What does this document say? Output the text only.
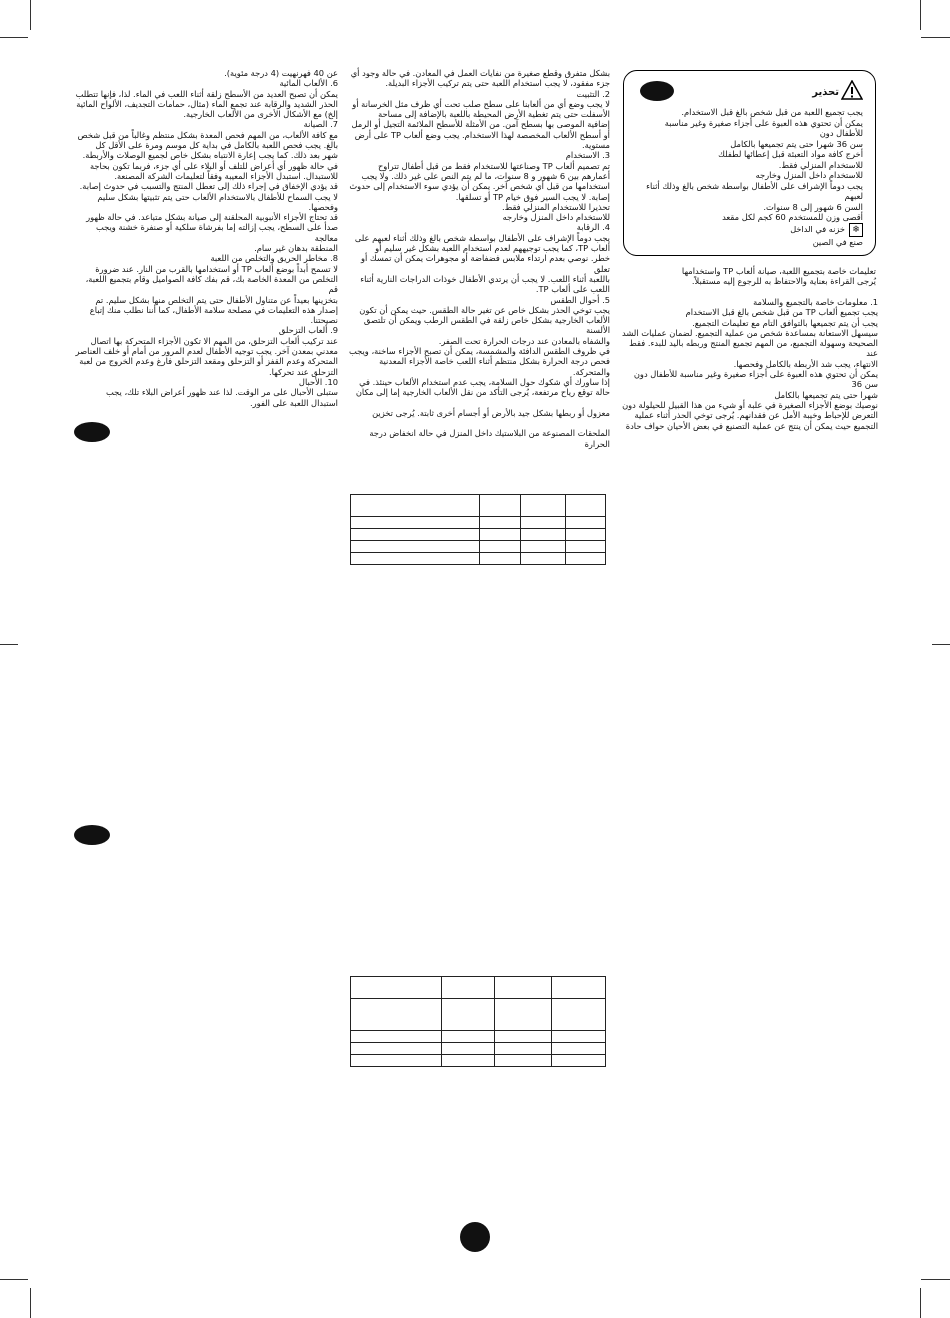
تحذير
يجب تجميع اللعبة من قبل شخص بالغ قبل الاستخدام.
يمكن أن تحتوي هذه العبوة على أجزاء صغيرة وغير مناسبة للأطفال دون
سن 36 شهرا حتى يتم تجميعها بالكامل
أخرج كافة مواد التعبئة قبل إعطائها لطفلك
للاستخدام المنزلي فقط.
للاستخدام داخل المنزل وخارجه
يجب دوماً الإشراف على الأطفال بواسطة شخص بالغ وذلك أثناء لعبهم
السن 6 شهور إلى 8 سنوات.
أقصى وزن للمستخدم 60 كجم لكل مقعد
❄
خزنه في الداخل
صنع في الصين
تعليمات خاصة بتجميع اللعبة، صيانة ألعاب TP واستخدامها
يُرجى القراءة بعناية والاحتفاظ به للرجوع إليه مستقبلاً.
1. معلومات خاصة بالتجميع والسلامة
يجب تجميع ألعاب TP من قبل شخص بالغ قبل الاستخدام
يجب أن يتم تجميعها بالتوافق التام مع تعليمات التجميع.
سيسهل الاستعانة بمساعدة شخص من عملية التجميع. لضمان عمليات الشد
الصحيحة وسهولة التجميع، من المهم تجميع المنتج وربطه باليد للبدء. فقط عند
الانتهاء، يجب شد الأربطة بالكامل وفحصها.
يمكن أن تحتوي هذه العبوة على أجزاء صغيرة وغير مناسبة للأطفال دون سن 36
شهرا حتى يتم تجميعها بالكامل
نوصيك بوضع الأجزاء الصغيرة في علبة أو شيء من هذا القبيل للحيلولة دون
التعرض للإحباط وخيبة الأمل عن فقدانهم. يُرجى توخي الحذر أثناء عملية
التجميع حيث يمكن أن ينتج عن عملية التصنيع في بعض الأحيان حواف حادة
بشكل متفرق وقطع صغيرة من نفايات العمل في المعادن. في حالة وجود أي
جزء مفقود، لا يجب استخدام اللعبة حتى يتم تركيب الأجزاء البديلة.
2. التثبيت
لا يجب وضع أي من ألعابنا على سطح صلب تحت أي ظرف مثل الخرسانة أو
الأسفلت حتى يتم تغطية الأرض المحيطة باللعبة بالإضافة إلى مساحة
إضافية الموصى بها بسطح آمن. من الأمثلة للأسطح الملائمة التجيل أو الرمل
أو أسطح الألعاب المخصصة لهذا الاستخدام. يجب وضع ألعاب TP على أرض
مستوية.
3. الاستخدام
تم تصميم ألعاب TP وصناعتها للاستخدام فقط من قبل أطفال تتراوح
أعمارهم بين 6 شهور و 8 سنوات، ما لم يتم النص على غير ذلك. ولا يجب
استخدامها من قبل أي شخص آخر. يمكن أن يؤدي سوء الاستخدام إلى حدوث
إصابة. لا يجب السير فوق خيام TP أو تسلقها.
تحذيرا للاستخدام المنزلي فقط.
للاستخدام داخل المنزل وخارجه
4. الرقابة
يجب دوماً الإشراف على الأطفال بواسطة شخص بالغ وذلك أثناء لعبهم على
ألعاب TP، كما يجب توجيههم لعدم استخدام اللعبة بشكل غير سليم أو
خطر. نوصي بعدم ارتداء ملابس فضفاضة أو مجوهرات يمكن أن تمسك أو تعلق
باللعبة أثناء اللعب. لا يجب أن يرتدي الأطفال خوذات الدراجات النارية أثناء
اللعب على ألعاب TP.
5. أحوال الطقس
يجب توخي الحذر بشكل خاص عن تغير حالة الطقس. حيث يمكن أن تكون
الألعاب الخارجية بشكل خاص زلقة في الطقس الرطب ويمكن أن تلتصق الألسنة
والشفاه بالمعادن عند درجات الحرارة تحت الصفر.
في ظروف الطقس الدافئة والمشمسة، يمكن أن تصبح الأجزاء ساخنة، ويجب
فحص درجة الحرارة بشكل منتظم أثناء اللعب خاصة الأجزاء المعدنية والمتحركة.
إذا ساورك أي شكوك حول السلامة، يجب عدم استخدام الألعاب حينئذ. في
حالة توقع رياح مرتفعة، يُرجى التأكد من نقل الألعاب الخارجية إما إلى مكان

معزول أو ربطها بشكل جيد بالأرض أو أجسام أخرى ثابتة. يُرجى تخزين

الملحقات المصنوعة من البلاستيك داخل المنزل في حالة انخفاض درجة الحرارة
عن 40 فهرنهيت (4 درجة مئوية).
6. الألعاب المائية
يمكن أن تصبح العديد من الأسطح زلقة أثناء اللعب في الماء. لذا، فإنها تتطلب
الحذر الشديد والرقابة عند تجمع الماء (مثال، حمامات التجديف، الألواح المائية
إلخ) مع الأشكال الأخرى من الألعاب الخارجية.
7. الصيانة
مع كافة الألعاب، من المهم فحص المعدة بشكل منتظم وغالباً من قبل شخص
بالغ. يجب فحص اللعبة بالكامل في بداية كل موسم ومرة على الأقل كل
شهر بعد ذلك. كما يجب إعارة الانتباه بشكل خاص لجميع الوصلات والأربطة.
في حالة ظهور أي أعراض للتلف أو البلاء على أي جزء، فربما تكون بحاجة
للاستبدال. استبدل الأجزاء المعيبة وفقاً لتعليمات الشركة المصنعة.
قد يؤدي الإخفاق في إجراء ذلك إلى تعطل المنتج والتسبب في حدوث إصابة.
لا يجب السماح للأطفال بالاستخدام الألعاب حتى يتم تثبيتها بشكل سليم
وفحصها.
قد تحتاج الأجزاء الأنبوبية المحلقنة إلى صيانة بشكل متباعد. في حالة ظهور
صدأ على السطح، يجب إزالته إما بفرشاة سلكية أو صنفرة خشنة ويجب معالجة
المنطقة بدهان غير سام.
8. مخاطر الحريق والتخلص من اللعبة
لا تسمح أبداً بوضع ألعاب TP أو استخدامها بالقرب من النار. عند ضرورة
التخلص من المعدة الخاصة بك، قم بفك كافة الصواميل وقام بتجميع اللعبة، قم
بتخزينها بعيداً عن متناول الأطفال حتى يتم التخلص منها بشكل سليم. تم
إصدار هذه التعليمات في مصلحة سلامة الأطفال، كما أننا نطلب منك إتباع
نصيحتنا.
9. ألعاب التزحلق
عند تركيب ألعاب التزحلق، من المهم الا تكون الأجزاء المتحركة بها اتصال
معدني بمعدن آخر. يجب توجيه الأطفال لعدم المرور من أمام أو خلف العناصر
المتحركة وعدم القفز أو التزحلق ومقعد التزحلق فارغ وعدم الخروج من لعبة
التزحلق عند تحركها.
10. الأحبال
ستبلى الأحبال على مر الوقت. لذا عند ظهور أعراض البلاء تلك، يجب
استبدال اللعبة على الفور.
